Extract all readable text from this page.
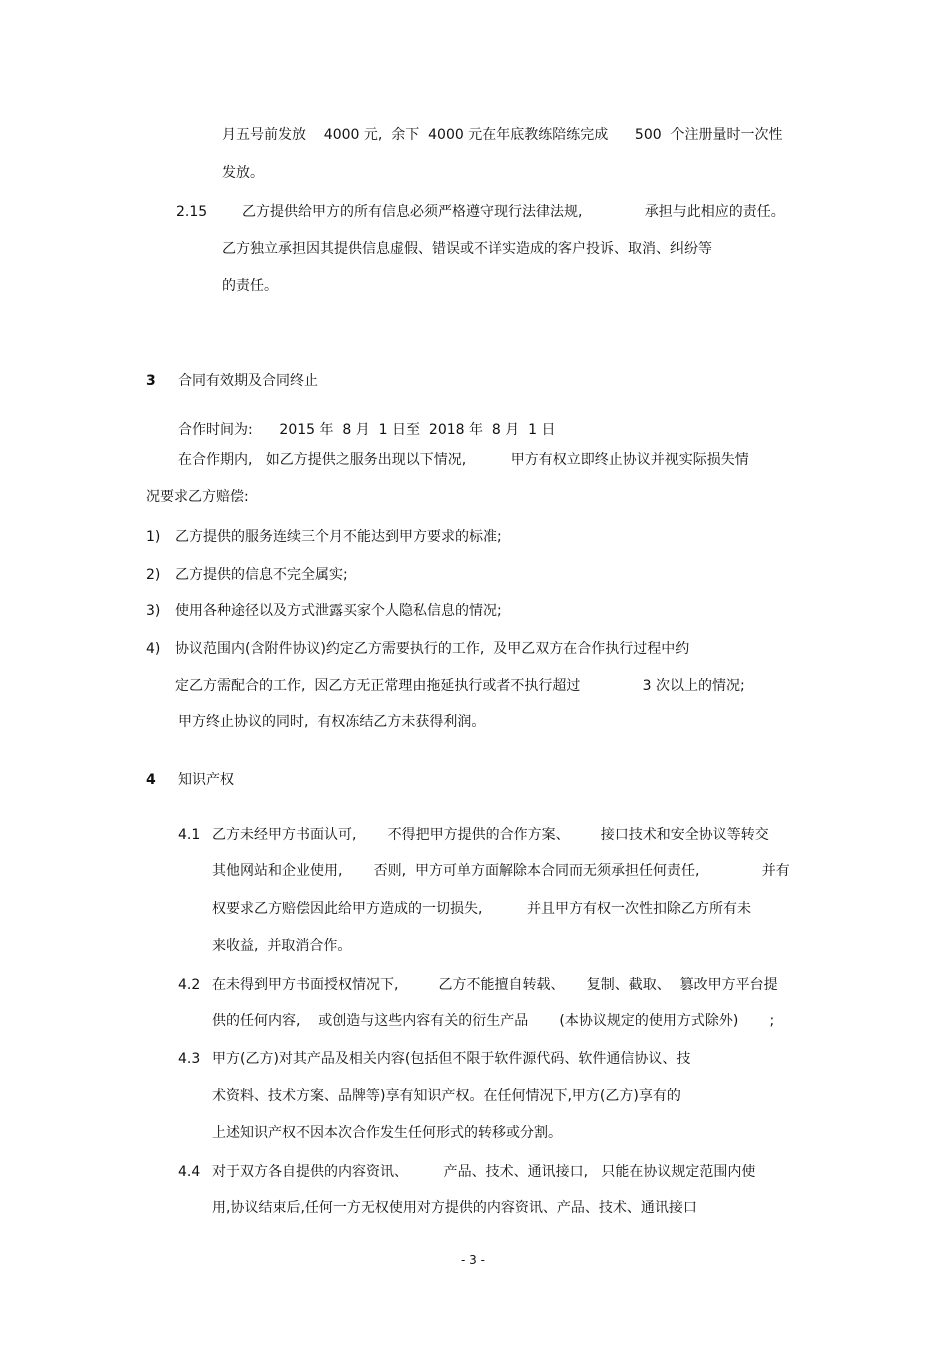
月五号前发放    4000 元,  余下  4000 元在年底教练陪练完成      500  个注册量时一次性

发放。

2.15 乙方提供给甲方的所有信息必须严格遵守现行法律法规,              承担与此相应的责任。

乙方独立承担因其提供信息虚假、错误或不详实造成的客户投诉、取消、纠纷等

的责任。

3 合同有效期及合同终止

合作时间为:      2015 年  8 月  1 日至  2018 年  8 月  1 日

在合作期内,   如乙方提供之服务出现以下情况,          甲方有权立即终止协议并视实际损失情

况要求乙方赔偿:

1) 乙方提供的服务连续三个月不能达到甲方要求的标准;

2) 乙方提供的信息不完全属实;

3) 使用各种途径以及方式泄露买家个人隐私信息的情况;

4) 协议范围内(含附件协议)约定乙方需要执行的工作,  及甲乙双方在合作执行过程中约

定乙方需配合的工作,  因乙方无正常理由拖延执行或者不执行超过              3 次以上的情况;

甲方终止协议的同时,  有权冻结乙方未获得利润。

4 知识产权
4.1 乙方未经甲方书面认可,       不得把甲方提供的合作方案、       接口技术和安全协议等转交

其他网站和企业使用,       否则,  甲方可单方面解除本合同而无须承担任何责任,              并有

权要求乙方赔偿因此给甲方造成的一切损失,          并且甲方有权一次性扣除乙方所有未

来收益,  并取消合作。

4.2 在未得到甲方书面授权情况下,         乙方不能擅自转载、     复制、截取、  篡改甲方平台提

供的任何内容,    或创造与这些内容有关的衍生产品       (本协议规定的使用方式除外)       ;

4.3 甲方(乙方)对其产品及相关内容(包括但不限于软件源代码、软件通信协议、技

术资料、技术方案、品牌等)享有知识产权。在任何情况下,甲方(乙方)享有的

上述知识产权不因本次合作发生任何形式的转移或分割。

4.4 对于双方各自提供的内容资讯、        产品、技术、通讯接口,   只能在协议规定范围内使

用,协议结束后,任何一方无权使用对方提供的内容资讯、产品、技术、通讯接口

- 3 -
